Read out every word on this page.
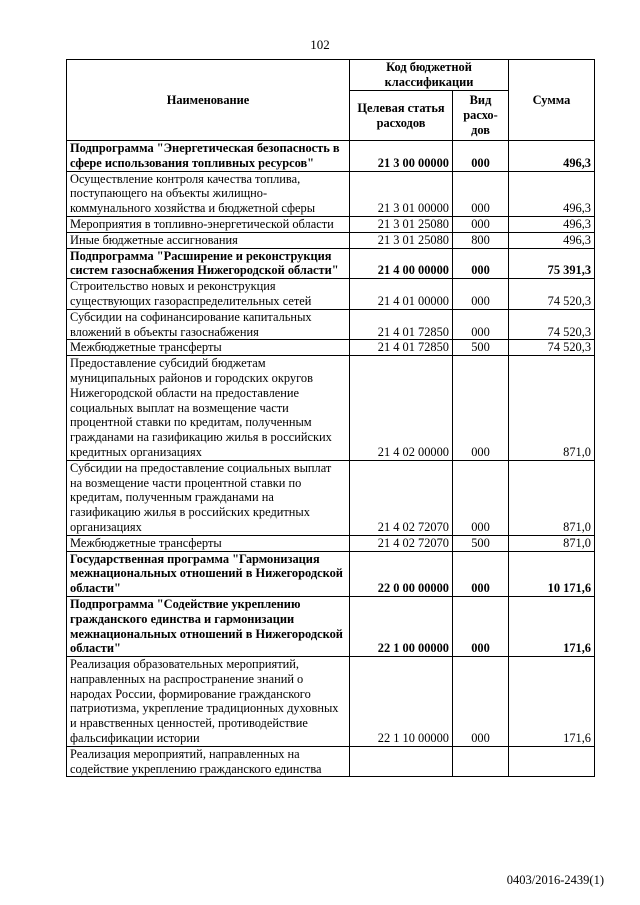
102
Наименование	Код бюджетной классификации		Сумма
	Целевая статья расходов	Вид расхо-дов	
Подпрограмма "Энергетическая безопасность в сфере использования топливных ресурсов"	21 3 00 00000	000	496,3
Осуществление контроля качества топлива, поступающего на объекты жилищно-коммунального хозяйства и бюджетной сферы	21 3 01 00000	000	496,3
Мероприятия в топливно-энергетической области	21 3 01 25080	000	496,3
Иные бюджетные ассигнования	21 3 01 25080	800	496,3
Подпрограмма "Расширение и реконструкция систем газоснабжения Нижегородской области"	21 4 00 00000	000	75 391,3
Строительство новых и реконструкция существующих газораспределительных сетей	21 4 01 00000	000	74 520,3
Субсидии на софинансирование капитальных вложений в объекты газоснабжения	21 4 01 72850	000	74 520,3
Межбюджетные трансферты	21 4 01 72850	500	74 520,3
Предоставление субсидий бюджетам муниципальных районов и городских округов Нижегородской области на предоставление социальных выплат на возмещение части процентной ставки по кредитам, полученным гражданами на газификацию жилья в российских кредитных организациях	21 4 02 00000	000	871,0
Субсидии на предоставление социальных выплат на возмещение части процентной ставки по кредитам, полученным гражданами на газификацию жилья в российских кредитных организациях	21 4 02 72070	000	871,0
Межбюджетные трансферты	21 4 02 72070	500	871,0
Государственная программа "Гармонизация межнациональных отношений в Нижегородской области"	22 0 00 00000	000	10 171,6
Подпрограмма "Содействие укреплению гражданского единства и гармонизации межнациональных отношений в Нижегородской области"	22 1 00 00000	000	171,6
Реализация образовательных мероприятий, направленных на распространение знаний о народах России, формирование гражданского патриотизма, укрепление традиционных духовных и нравственных ценностей, противодействие фальсификации истории	22 1 10 00000	000	171,6
Реализация мероприятий, направленных на содействие укреплению гражданского единства			
0403/2016-2439(1)
